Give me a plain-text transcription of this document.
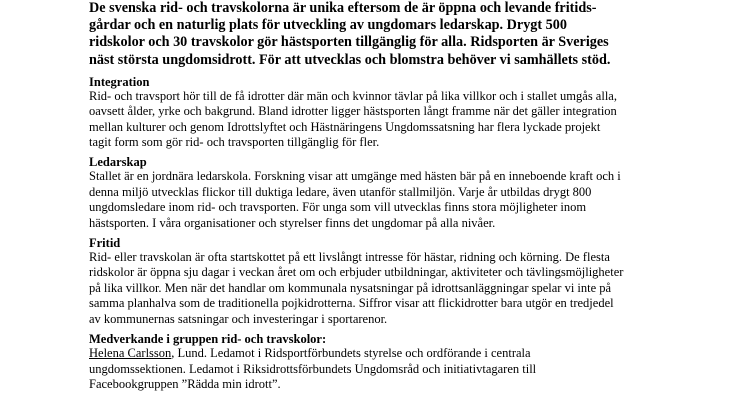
De svenska rid- och travskolorna är unika eftersom de är öppna och levande fritids-
gårdar och en naturlig plats för utveckling av ungdomars ledarskap. Drygt 500
ridskolor och 30 travskolor gör hästsporten tillgänglig för alla. Ridsporten är Sveriges
näst största ungdomsidrott. För att utvecklas och blomstra behöver vi samhällets stöd.
Integration
Rid- och travsport hör till de få idrotter där män och kvinnor tävlar på lika villkor och i stallet umgås alla,
oavsett ålder, yrke och bakgrund. Bland idrotter ligger hästsporten långt framme när det gäller integration
mellan kulturer och genom Idrottslyftet och Hästnäringens Ungdomssatsning har flera lyckade projekt
tagit form som gör rid- och travsporten tillgänglig för fler.
Ledarskap
Stallet är en jordnära ledarskola. Forskning visar att umgänge med hästen bär på en inneboende kraft och i
denna miljö utvecklas flickor till duktiga ledare, även utanför stallmiljön. Varje år utbildas drygt 800
ungdomsledare inom rid- och travsporten. För unga som vill utvecklas finns stora möjligheter inom
hästsporten. I våra organisationer och styrelser finns det ungdomar på alla nivåer.
Fritid
Rid- eller travskolan är ofta startskottet på ett livslångt intresse för hästar, ridning och körning. De flesta
ridskolor är öppna sju dagar i veckan året om och erbjuder utbildningar, aktiviteter och tävlingsmöjligheter
på lika villkor. Men när det handlar om kommunala nysatsningar på idrottsanläggningar spelar vi inte på
samma planhalva som de traditionella pojkidrotterna. Siffror visar att flickidrotter bara utgör en tredjedel
av kommunernas satsningar och investeringar i sportarenor.
Medverkande i gruppen rid- och travskolor:
Helena Carlsson, Lund. Ledamot i Ridsportförbundets styrelse och ordförande i centrala
ungdomssektionen. Ledamot i Riksidrottsförbundets Ungdomsråd och initiativtagaren till
Facebookgruppen ”Rädda min idrott”.
